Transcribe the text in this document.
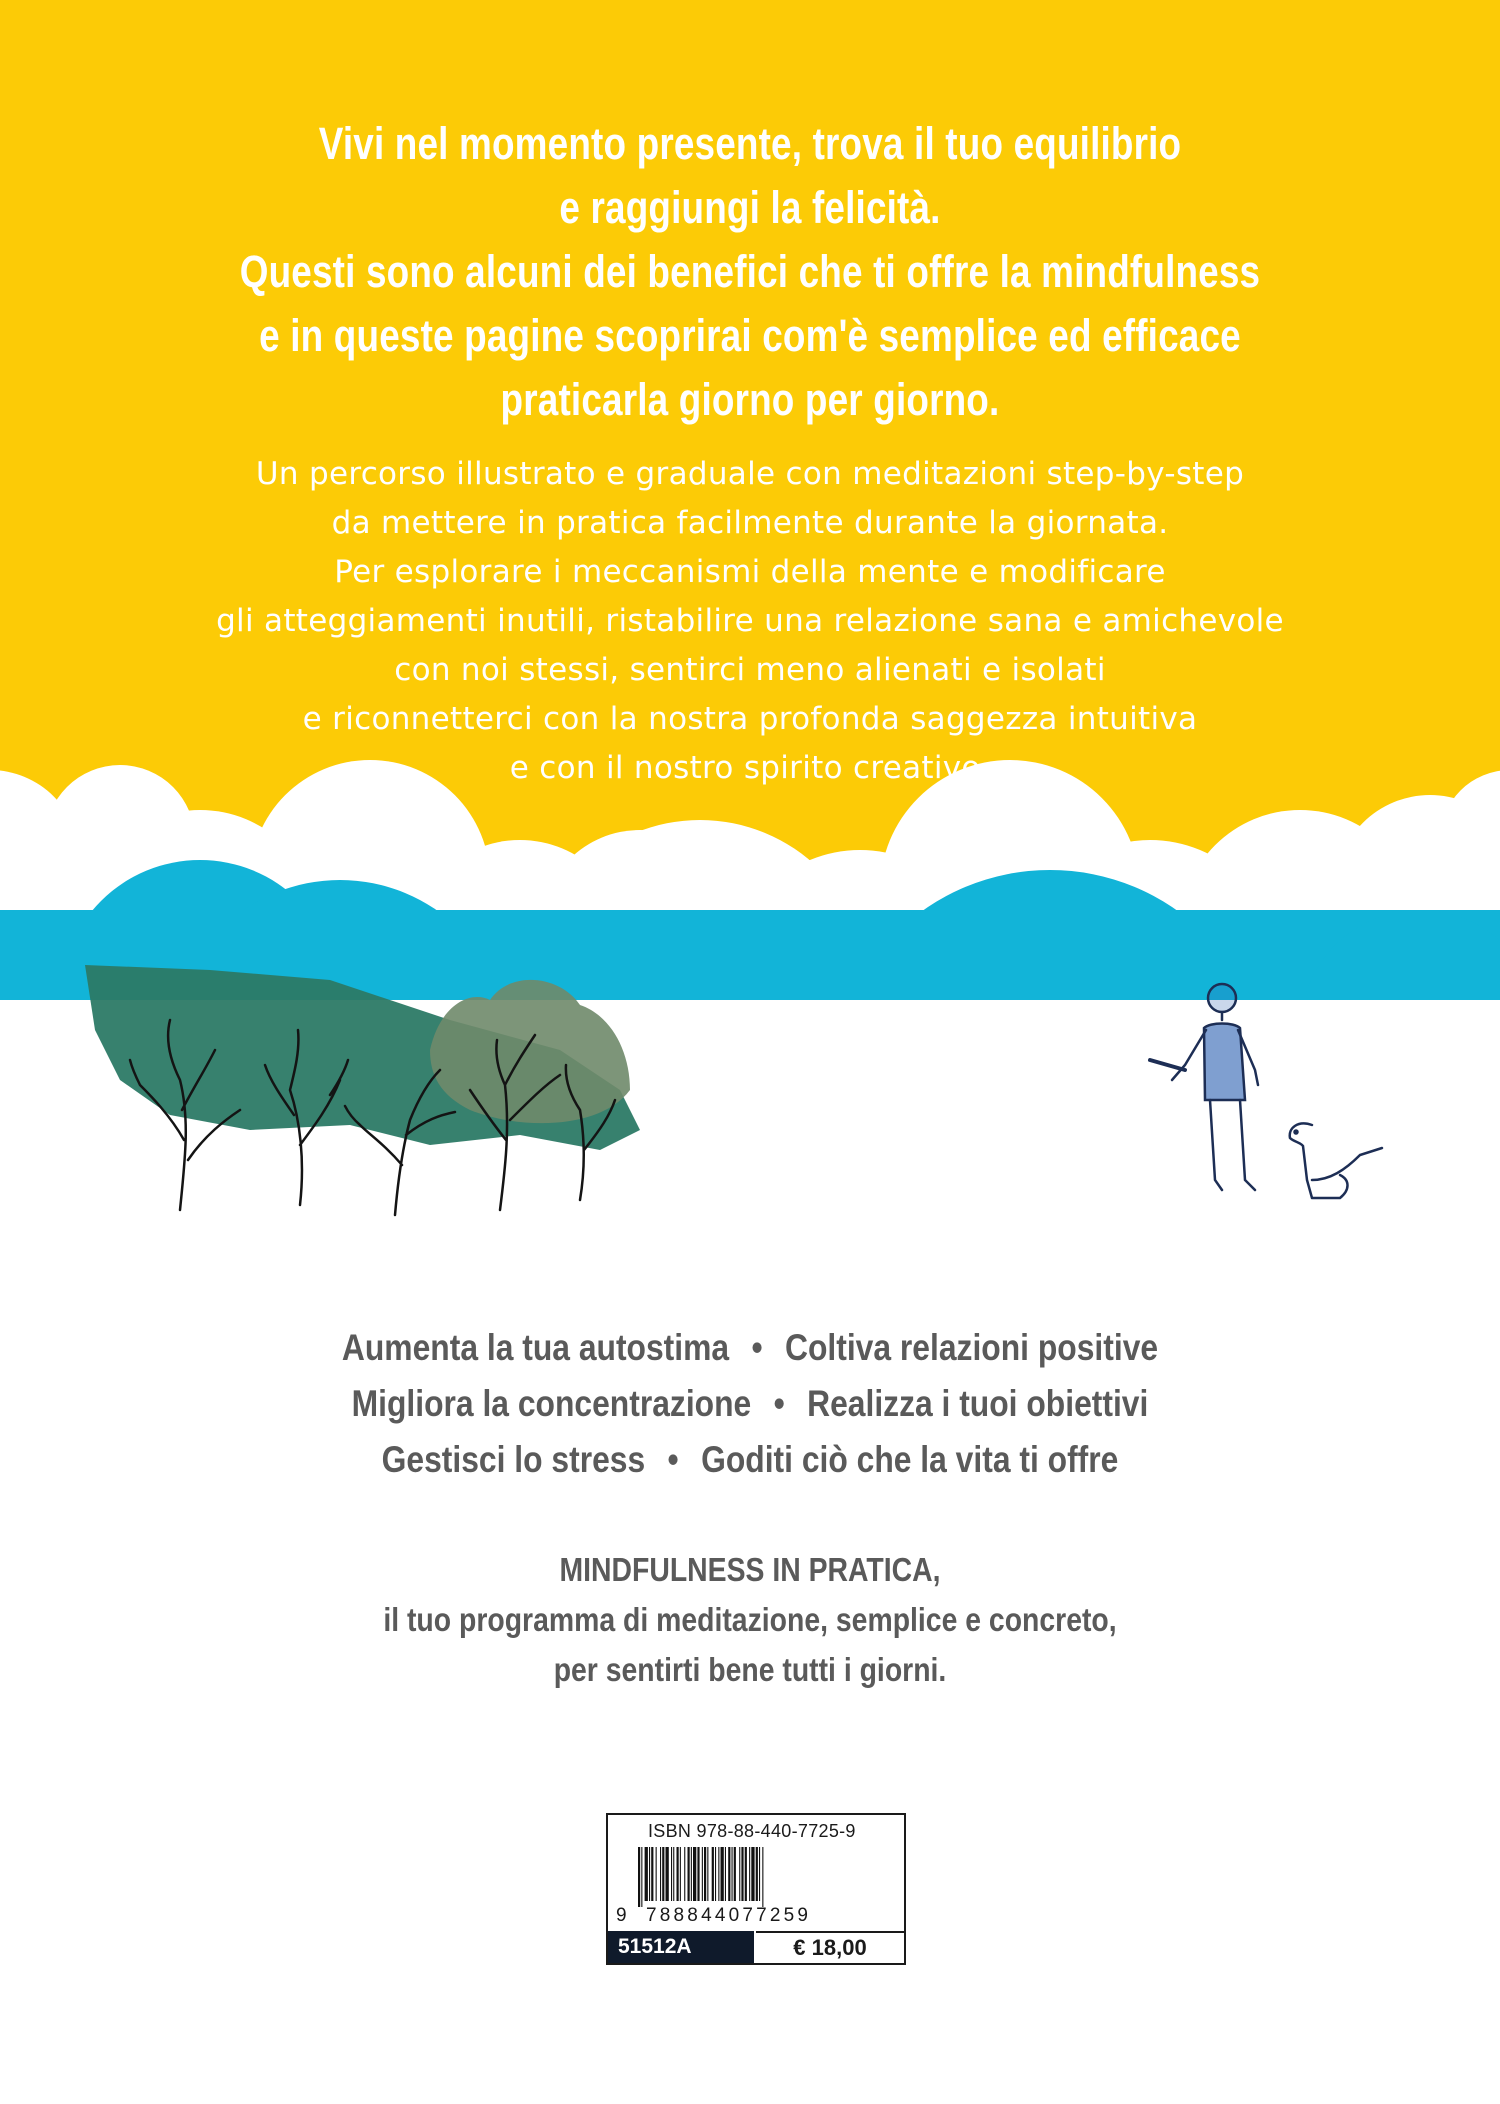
Vivi nel momento presente, trova il tuo equilibrio
e raggiungi la felicità.
Questi sono alcuni dei benefici che ti offre la mindfulness
e in queste pagine scoprirai com'è semplice ed efficace
praticarla giorno per giorno.
Un percorso illustrato e graduale con meditazioni step-by-step
da mettere in pratica facilmente durante la giornata.
Per esplorare i meccanismi della mente e modificare
gli atteggiamenti inutili, ristabilire una relazione sana e amichevole
con noi stessi, sentirci meno alienati e isolati
e riconnetterci con la nostra profonda saggezza intuitiva
e con il nostro spirito creativo.
Aumenta la tua autostima • Coltiva relazioni positive
Migliora la concentrazione • Realizza i tuoi obiettivi
Gestisci lo stress • Goditi ciò che la vita ti offre
MINDFULNESS IN PRATICA,
il tuo programma di meditazione, semplice e concreto,
per sentirti bene tutti i giorni.
ISBN 978-88-440-7725-9
9 788844077259
51512A	€ 18,00
